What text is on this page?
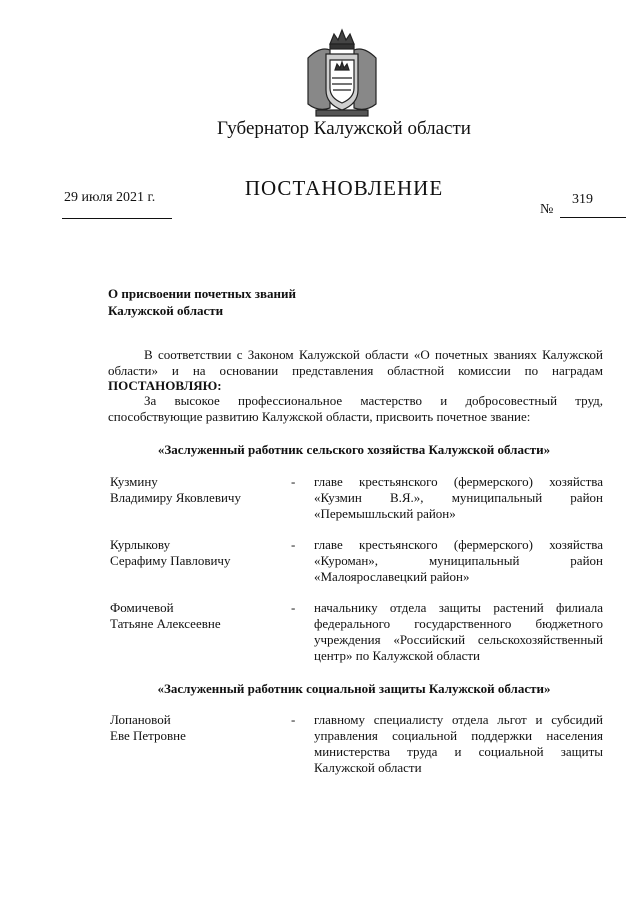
Губернатор Калужской области
ПОСТАНОВЛЕНИЕ
29 июля 2021 г.
№
319
О присвоении почетных званий
Калужской области
В соответствии с Законом Калужской области «О почетных званиях Калужской области» и на основании представления областной комиссии по наградам ПОСТАНОВЛЯЮ:
За высокое профессиональное мастерство и добросовестный труд, способствующие развитию Калужской области, присвоить почетное звание:
«Заслуженный работник сельского хозяйства Калужской области»
Кузмину
Владимиру Яковлевичу
- главе крестьянского (фермерского) хозяйства «Кузмин В.Я.», муниципальный район «Перемышльский район»
Курлыкову
Серафиму Павловичу
- главе крестьянского (фермерского) хозяйства «Куроман», муниципальный район «Малоярославецкий район»
Фомичевой
Татьяне Алексеевне
- начальнику отдела защиты растений филиала федерального государственного бюджетного учреждения «Российский сельскохозяйственный центр» по Калужской области
«Заслуженный работник социальной защиты Калужской области»
Лопановой
Еве Петровне
- главному специалисту отдела льгот и субсидий управления социальной поддержки населения министерства труда и социальной защиты Калужской области
